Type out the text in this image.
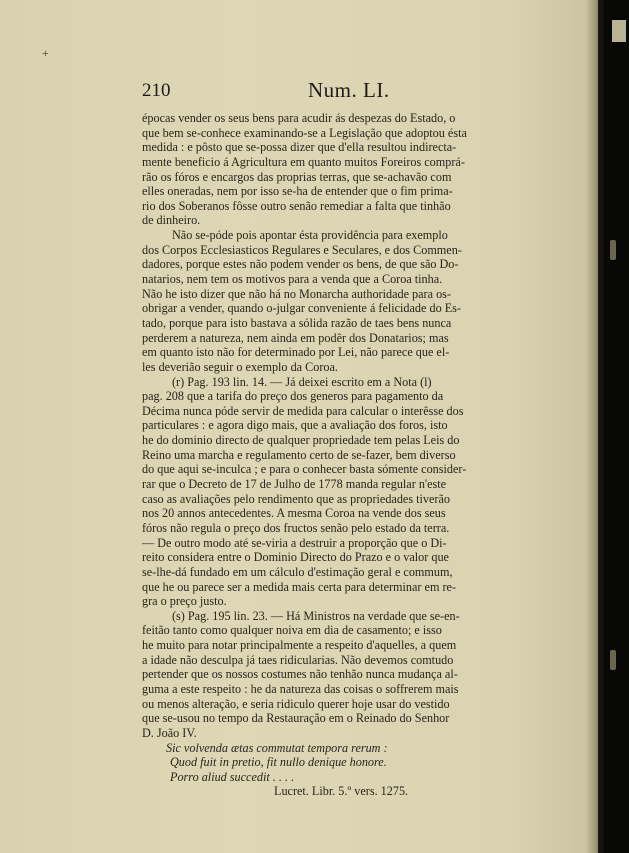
+
210	Num. LI.
épocas vender os seus bens para acudir ás despezas do Estado, o
que bem se-conhece examinando-se a Legislação que adoptou ésta
medida : e pôsto que se-possa dizer que d'ella resultou indirecta-
mente beneficio á Agricultura em quanto muitos Foreiros comprá-
rão os fóros e encargos das proprias terras, que se-achavão com
elles oneradas, nem por isso se-ha de entender que o fim prima-
rio dos Soberanos fôsse outro senão remediar a falta que tinhão
de dinheiro.
Não se-póde pois apontar ésta providência para exemplo
dos Corpos Ecclesiasticos Regulares e Seculares, e dos Commen-
dadores, porque estes não podem vender os bens, de que são Do-
natarios, nem tem os motivos para a venda que a Coroa tinha.
Não he isto dizer que não há no Monarcha authoridade para os-
obrigar a vender, quando o-julgar conveniente á felicidade do Es-
tado, porque para isto bastava a sólida razão de taes bens nunca
perderem a natureza, nem ainda em podêr dos Donatarios; mas
em quanto isto não for determinado por Lei, não parece que el-
les deverião seguir o exemplo da Coroa.
(r) Pag. 193 lin. 14. — Já deixei escrito em a Nota (l)
pag. 208 que a tarifa do preço dos generos para pagamento da
Décima nunca póde servir de medida para calcular o interêsse dos
particulares : e agora digo mais, que a avaliação dos foros, isto
he do dominio directo de qualquer propriedade tem pelas Leis do
Reino uma marcha e regulamento certo de se-fazer, bem diverso
do que aqui se-inculca ; e para o conhecer basta sómente consider-
rar que o Decreto de 17 de Julho de 1778 manda regular n'este
caso as avaliações pelo rendimento que as propriedades tiverão
nos 20 annos antecedentes. A mesma Coroa na vende dos seus
fóros não regula o preço dos fructos senão pelo estado da terra.
— De outro modo até se-viria a destruir a proporção que o Di-
reito considera entre o Dominio Directo do Prazo e o valor que
se-lhe-dá fundado em um cálculo d'estimação geral e commum,
que he ou parece ser a medida mais certa para determinar em re-
gra o preço justo.
(s) Pag. 195 lin. 23. — Há Ministros na verdade que se-en-
feitão tanto como qualquer noiva em dia de casamento; e isso
he muito para notar principalmente a respeito d'aquelles, a quem
a idade não desculpa já taes ridicularias. Não devemos comtudo
pertender que os nossos costumes não tenhão nunca mudança al-
guma a este respeito : he da natureza das coisas o soffrerem mais
ou menos alteração, e seria ridiculo querer hoje usar do vestido
que se-usou no tempo da Restauração em o Reinado do Senhor
D. João IV.
Sic volvenda ætas commutat tempora rerum :
Quod fuit in pretio, fit nullo denique honore.
Porro aliud succedit . . . .
Lucret. Libr. 5.º vers. 1275.
